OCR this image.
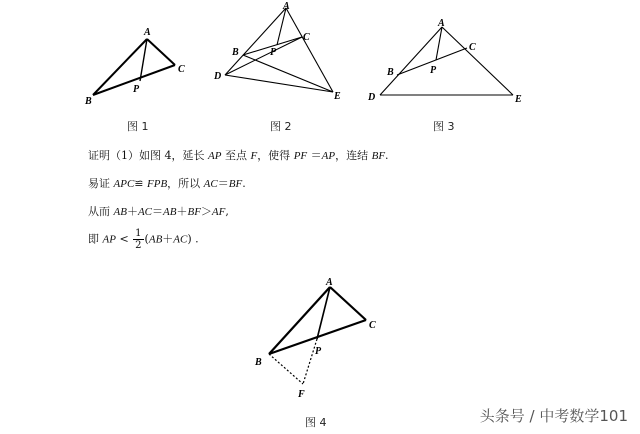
A
C
B
P
图 1
A
B
C
P
D
E
图 2
A
B
C
P
D	E
图 3
证明（1）如图 4，延长 AP 至点 F，使得 PF ＝AP，连结 BF.
易证 APC≌ FPB，所以 AC＝BF.
从而 AB＋AC＝AB＋BF＞AF,
即 AP < $\frac{1}{2} (AB+AC)$ .
A
C
B
P
F
图 4	头条号 / 中考数学101
